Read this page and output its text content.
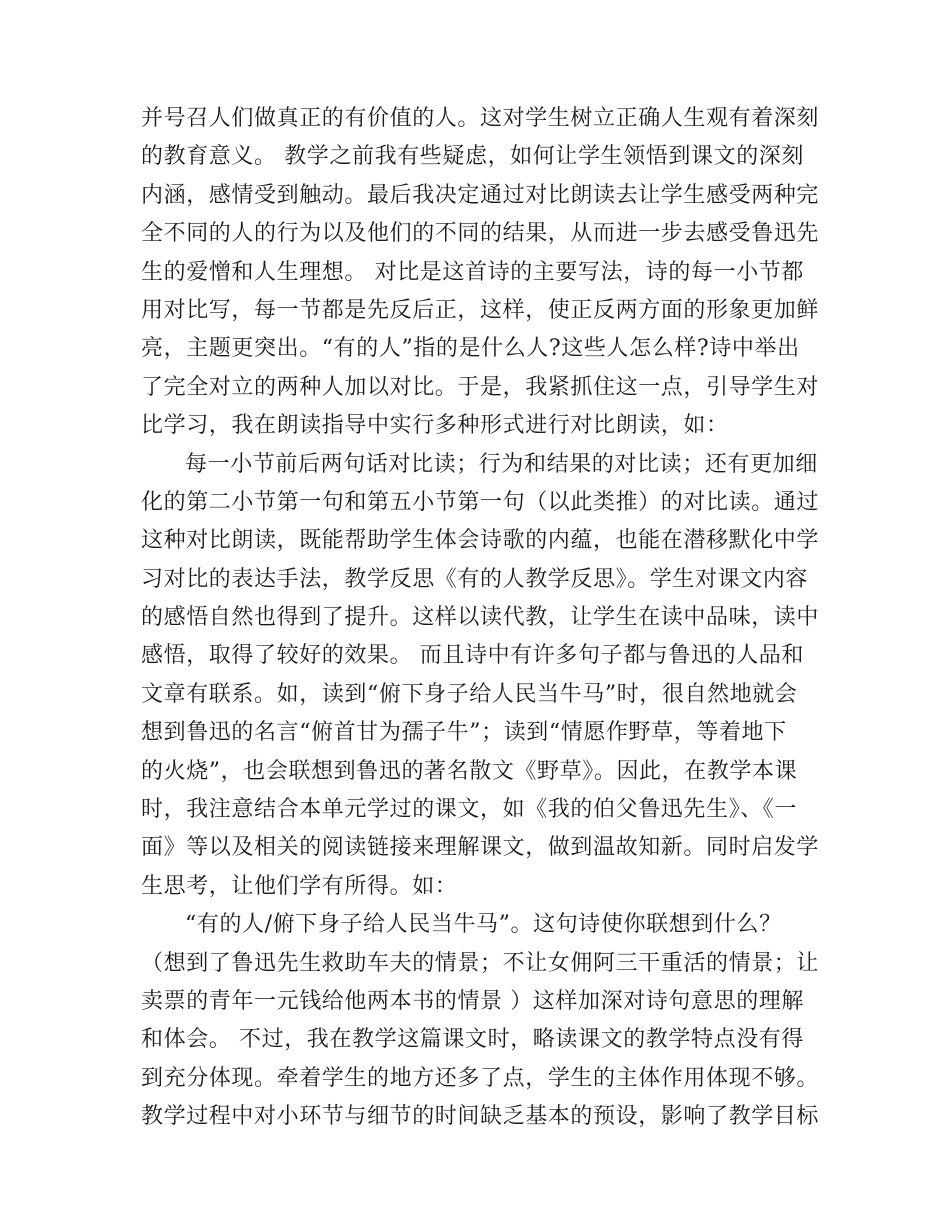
并号召人们做真正的有价值的人。这对学生树立正确人生观有着深刻
的教育意义。 教学之前我有些疑虑，如何让学生领悟到课文的深刻
内涵，感情受到触动。最后我决定通过对比朗读去让学生感受两种完
全不同的人的行为以及他们的不同的结果，从而进一步去感受鲁迅先
生的爱憎和人生理想。 对比是这首诗的主要写法，诗的每一小节都
用对比写，每一节都是先反后正，这样，使正反两方面的形象更加鲜
亮，主题更突出。“有的人”指的是什么人?这些人怎么样?诗中举出
了完全对立的两种人加以对比。于是，我紧抓住这一点，引导学生对
比学习，我在朗读指导中实行多种形式进行对比朗读，如：
每一小节前后两句话对比读；行为和结果的对比读；还有更加细
化的第二小节第一句和第五小节第一句（以此类推）的对比读。通过
这种对比朗读，既能帮助学生体会诗歌的内蕴，也能在潜移默化中学
习对比的表达手法，教学反思《有的人教学反思》。学生对课文内容
的感悟自然也得到了提升。这样以读代教，让学生在读中品味，读中
感悟，取得了较好的效果。 而且诗中有许多句子都与鲁迅的人品和
文章有联系。如，读到“俯下身子给人民当牛马”时，很自然地就会
想到鲁迅的名言“俯首甘为孺子牛”；读到“情愿作野草，等着地下
的火烧”，也会联想到鲁迅的著名散文《野草》。因此，在教学本课
时，我注意结合本单元学过的课文，如《我的伯父鲁迅先生》、《一
面》等以及相关的阅读链接来理解课文，做到温故知新。同时启发学
生思考，让他们学有所得。如：
“有的人/俯下身子给人民当牛马”。这句诗使你联想到什么？
（想到了鲁迅先生救助车夫的情景；不让女佣阿三干重活的情景；让
卖票的青年一元钱给他两本书的情景 ）这样加深对诗句意思的理解
和体会。 不过，我在教学这篇课文时，略读课文的教学特点没有得
到充分体现。牵着学生的地方还多了点，学生的主体作用体现不够。
教学过程中对小环节与细节的时间缺乏基本的预设，影响了教学目标
